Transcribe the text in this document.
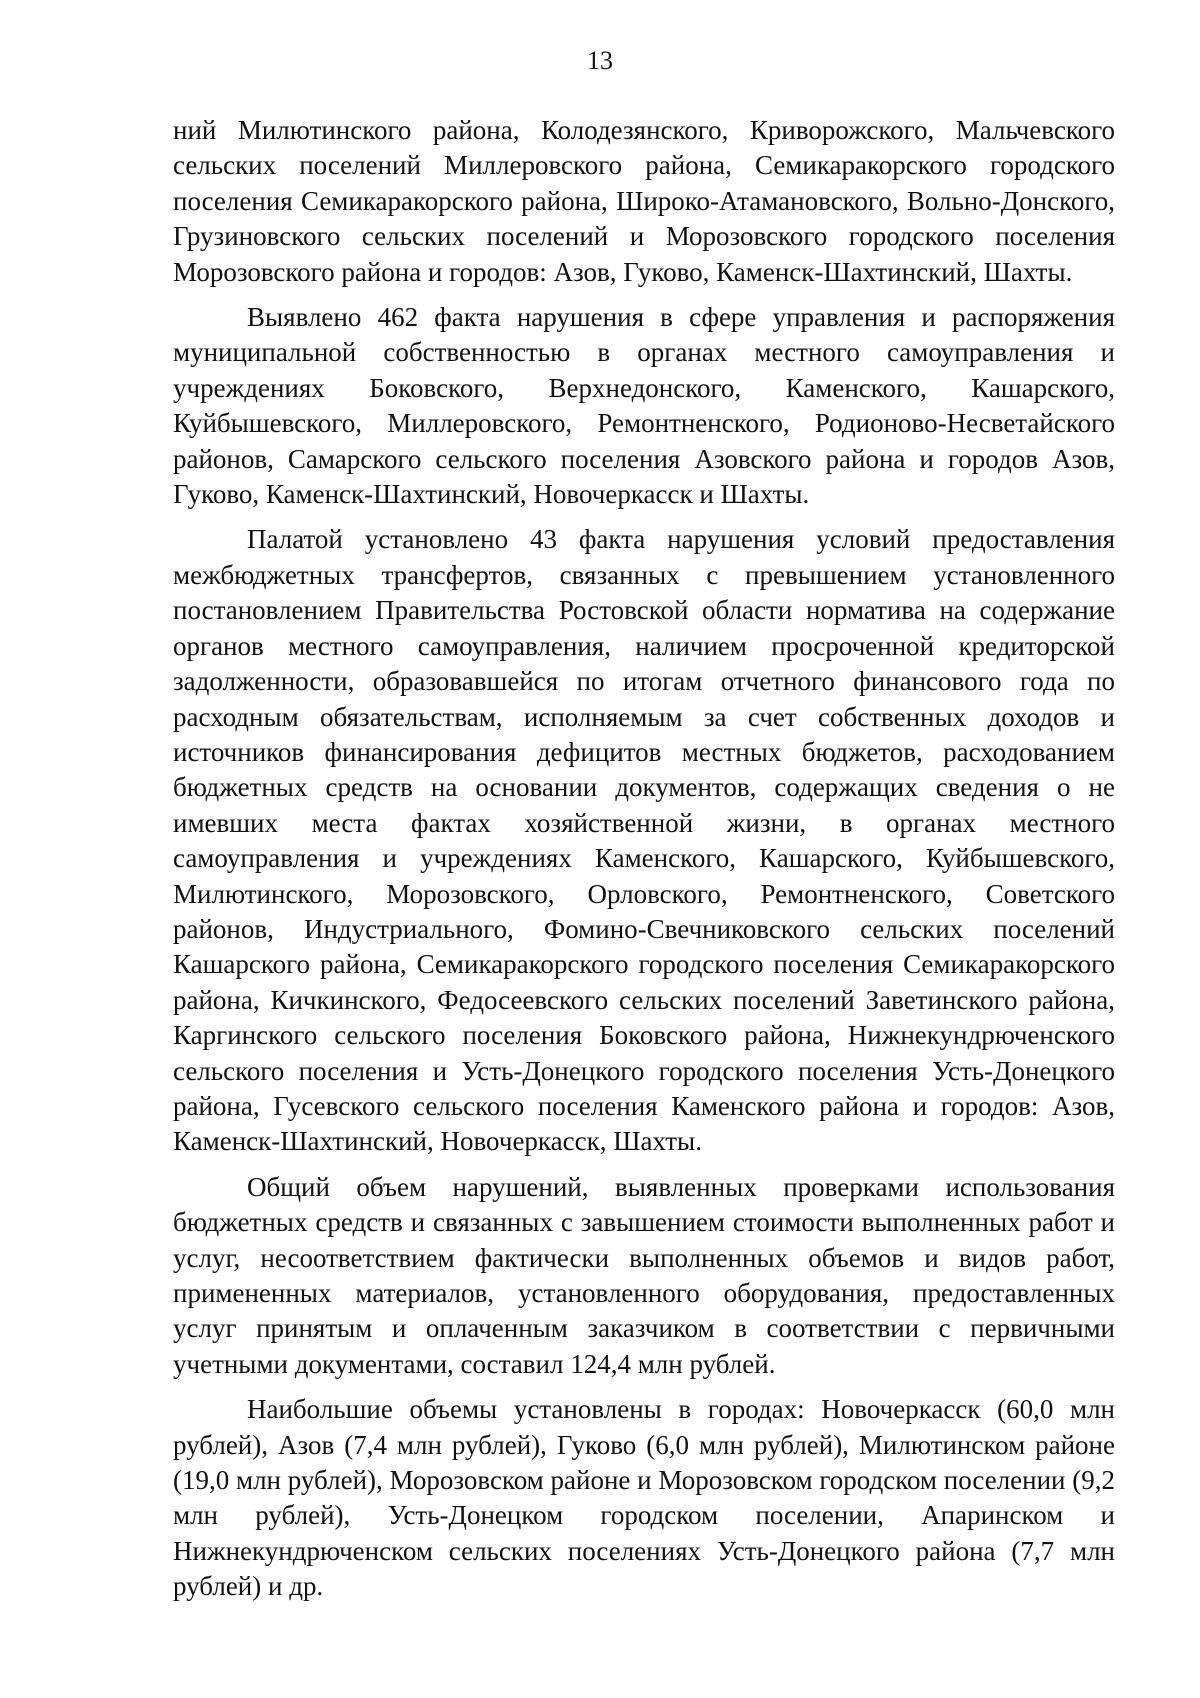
13

ний Милютинского района, Колодезянского, Криворожского, Мальчевского сельских поселений Миллеровского района, Семикаракорского городского поселения Семикаракорского района, Широко-Атамановского, Вольно-Донского, Грузиновского сельских поселений и Морозовского городского поселения Морозовского района и городов: Азов, Гуково, Каменск-Шахтинский, Шахты.

Выявлено 462 факта нарушения в сфере управления и распоряжения муниципальной собственностью в органах местного самоуправления и учреждениях Боковского, Верхнедонского, Каменского, Кашарского, Куйбышевского, Миллеровского, Ремонтненского, Родионово-Несветайского районов, Самарского сельского поселения Азовского района и городов Азов, Гуково, Каменск-Шахтинский, Новочеркасск и Шахты.

Палатой установлено 43 факта нарушения условий предоставления межбюджетных трансфертов, связанных с превышением установленного постановлением Правительства Ростовской области норматива на содержание органов местного самоуправления, наличием просроченной кредиторской задолженности, образовавшейся по итогам отчетного финансового года по расходным обязательствам, исполняемым за счет собственных доходов и источников финансирования дефицитов местных бюджетов, расходованием бюджетных средств на основании документов, содержащих сведения о не имевших места фактах хозяйственной жизни, в органах местного самоуправления и учреждениях Каменского, Кашарского, Куйбышевского, Милютинского, Морозовского, Орловского, Ремонтненского, Советского районов, Индустриального, Фомино-Свечниковского сельских поселений Кашарского района, Семикаракорского городского поселения Семикаракорского района, Кичкинского, Федосеевского сельских поселений Заветинского района, Каргинского сельского поселения Боковского района, Нижнекундрюченского сельского поселения и Усть-Донецкого городского поселения Усть-Донецкого района, Гусевского сельского поселения Каменского района и городов: Азов, Каменск-Шахтинский, Новочеркасск, Шахты.

Общий объем нарушений, выявленных проверками использования бюджетных средств и связанных с завышением стоимости выполненных работ и услуг, несоответствием фактически выполненных объемов и видов работ, примененных материалов, установленного оборудования, предоставленных услуг принятым и оплаченным заказчиком в соответствии с первичными учетными документами, составил 124,4 млн рублей.

Наибольшие объемы установлены в городах: Новочеркасск (60,0 млн рублей), Азов (7,4 млн рублей), Гуково (6,0 млн рублей), Милютинском районе (19,0 млн рублей), Морозовском районе и Морозовском городском поселении (9,2 млн рублей), Усть-Донецком городском поселении, Апаринском и Нижнекундрюченском сельских поселениях Усть-Донецкого района (7,7 млн рублей) и др.
